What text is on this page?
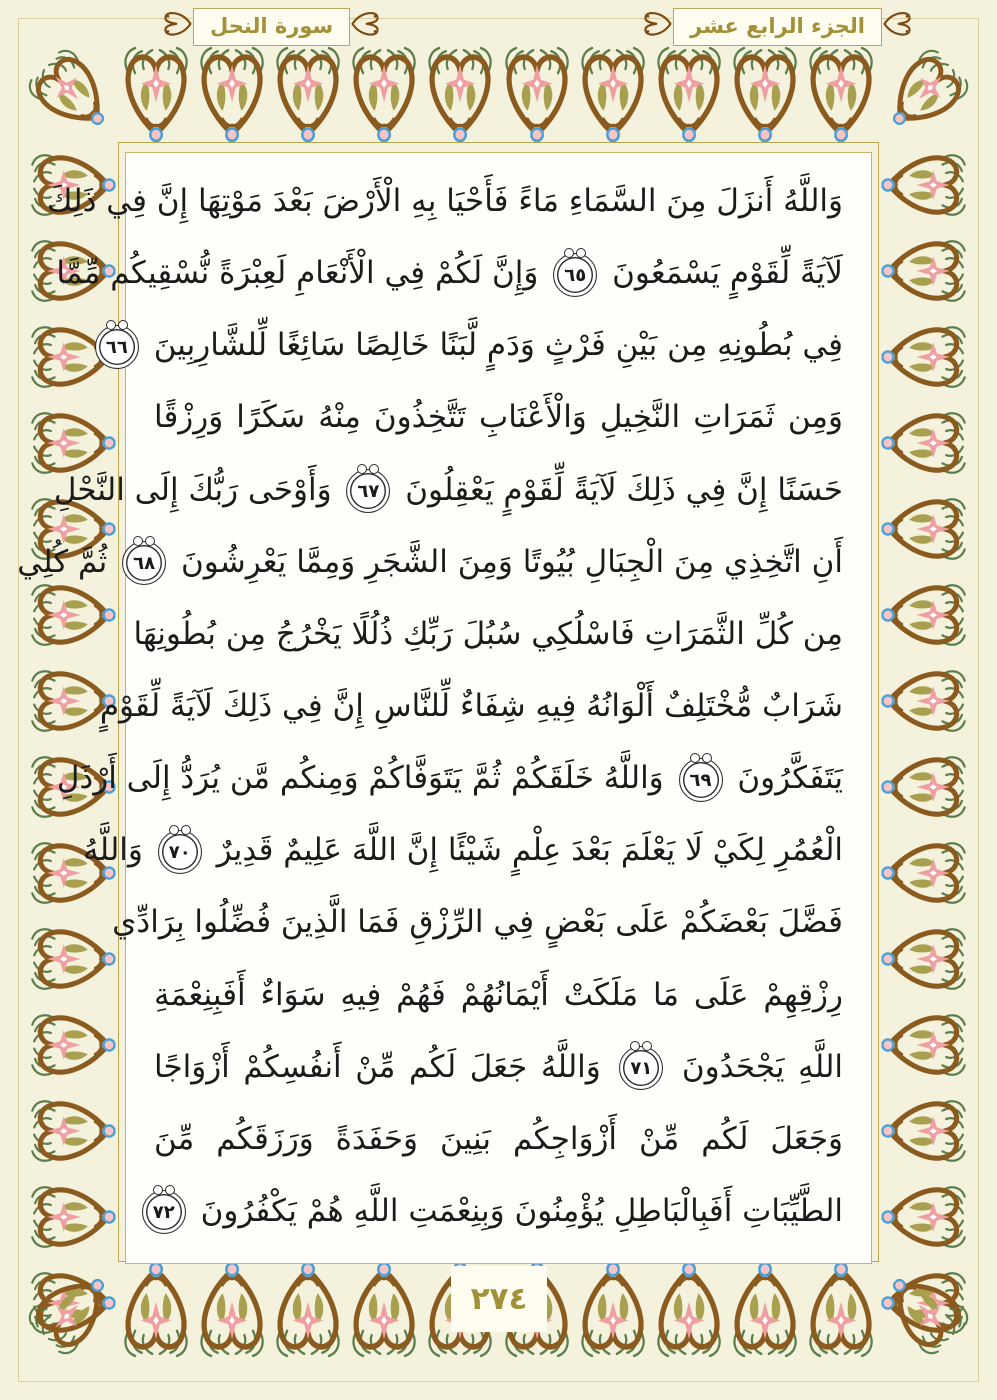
سورة النحل	الجزء الرابع عشر
وَاللَّهُ أَنزَلَ مِنَ السَّمَاءِ مَاءً فَأَحْيَا بِهِ الْأَرْضَ بَعْدَ مَوْتِهَا إِنَّ فِي ذَلِكَ
لَآيَةً لِّقَوْمٍ يَسْمَعُونَ ٦٥ وَإِنَّ لَكُمْ فِي الْأَنْعَامِ لَعِبْرَةً نُّسْقِيكُم مِّمَّا
فِي بُطُونِهِ مِن بَيْنِ فَرْثٍ وَدَمٍ لَّبَنًا خَالِصًا سَائِغًا لِّلشَّارِبِينَ ٦٦
وَمِن ثَمَرَاتِ النَّخِيلِ وَالْأَعْنَابِ تَتَّخِذُونَ مِنْهُ سَكَرًا وَرِزْقًا
حَسَنًا إِنَّ فِي ذَلِكَ لَآيَةً لِّقَوْمٍ يَعْقِلُونَ ٦٧ وَأَوْحَى رَبُّكَ إِلَى النَّحْلِ
أَنِ اتَّخِذِي مِنَ الْجِبَالِ بُيُوتًا وَمِنَ الشَّجَرِ وَمِمَّا يَعْرِشُونَ ٦٨ ثُمَّ كُلِي
مِن كُلِّ الثَّمَرَاتِ فَاسْلُكِي سُبُلَ رَبِّكِ ذُلُلًا يَخْرُجُ مِن بُطُونِهَا
شَرَابٌ مُّخْتَلِفٌ أَلْوَانُهُ فِيهِ شِفَاءٌ لِّلنَّاسِ إِنَّ فِي ذَلِكَ لَآيَةً لِّقَوْمٍ
يَتَفَكَّرُونَ ٦٩ وَاللَّهُ خَلَقَكُمْ ثُمَّ يَتَوَفَّاكُمْ وَمِنكُم مَّن يُرَدُّ إِلَى أَرْذَلِ
الْعُمُرِ لِكَيْ لَا يَعْلَمَ بَعْدَ عِلْمٍ شَيْئًا إِنَّ اللَّهَ عَلِيمٌ قَدِيرٌ ٧٠ وَاللَّهُ
فَضَّلَ بَعْضَكُمْ عَلَى بَعْضٍ فِي الرِّزْقِ فَمَا الَّذِينَ فُضِّلُوا بِرَادِّي
رِزْقِهِمْ عَلَى مَا مَلَكَتْ أَيْمَانُهُمْ فَهُمْ فِيهِ سَوَاءٌ أَفَبِنِعْمَةِ
اللَّهِ يَجْحَدُونَ ٧١ وَاللَّهُ جَعَلَ لَكُم مِّنْ أَنفُسِكُمْ أَزْوَاجًا
وَجَعَلَ لَكُم مِّنْ أَزْوَاجِكُم بَنِينَ وَحَفَدَةً وَرَزَقَكُم مِّنَ
الطَّيِّبَاتِ أَفَبِالْبَاطِلِ يُؤْمِنُونَ وَبِنِعْمَتِ اللَّهِ هُمْ يَكْفُرُونَ ٧٢
٢٧٤
